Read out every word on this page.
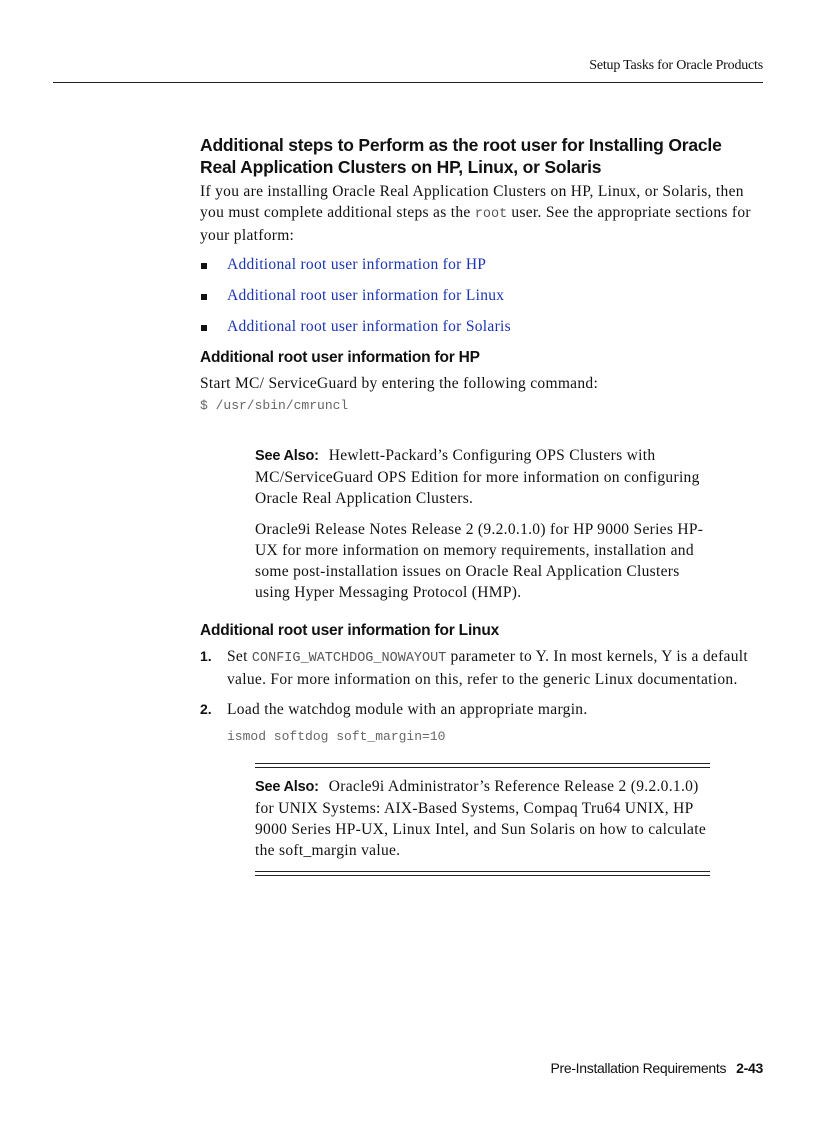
Setup Tasks for Oracle Products
Additional steps to Perform as the root user for Installing Oracle Real Application Clusters on HP, Linux, or Solaris

If you are installing Oracle Real Application Clusters on HP, Linux, or Solaris, then you must complete additional steps as the root user. See the appropriate sections for your platform:

Additional root user information for HP
Additional root user information for Linux
Additional root user information for Solaris
Additional root user information for HP

Start MC/ ServiceGuard by entering the following command:

$ /usr/sbin/cmruncl

See Also: Hewlett-Packard’s Configuring OPS Clusters with MC/ServiceGuard OPS Edition for more information on configuring Oracle Real Application Clusters.

Oracle9i Release Notes Release 2 (9.2.0.1.0) for HP 9000 Series HP-UX for more information on memory requirements, installation and some post-installation issues on Oracle Real Application Clusters using Hyper Messaging Protocol (HMP).

Additional root user information for Linux
1. Set CONFIG_WATCHDOG_NOWAYOUT parameter to Y. In most kernels, Y is a default value. For more information on this, refer to the generic Linux documentation.

2. Load the watchdog module with an appropriate margin.

ismod softdog soft_margin=10

See Also: Oracle9i Administrator’s Reference Release 2 (9.2.0.1.0) for UNIX Systems: AIX-Based Systems, Compaq Tru64 UNIX, HP 9000 Series HP-UX, Linux Intel, and Sun Solaris on how to calculate the soft_margin value.

Pre-Installation Requirements 2-43
